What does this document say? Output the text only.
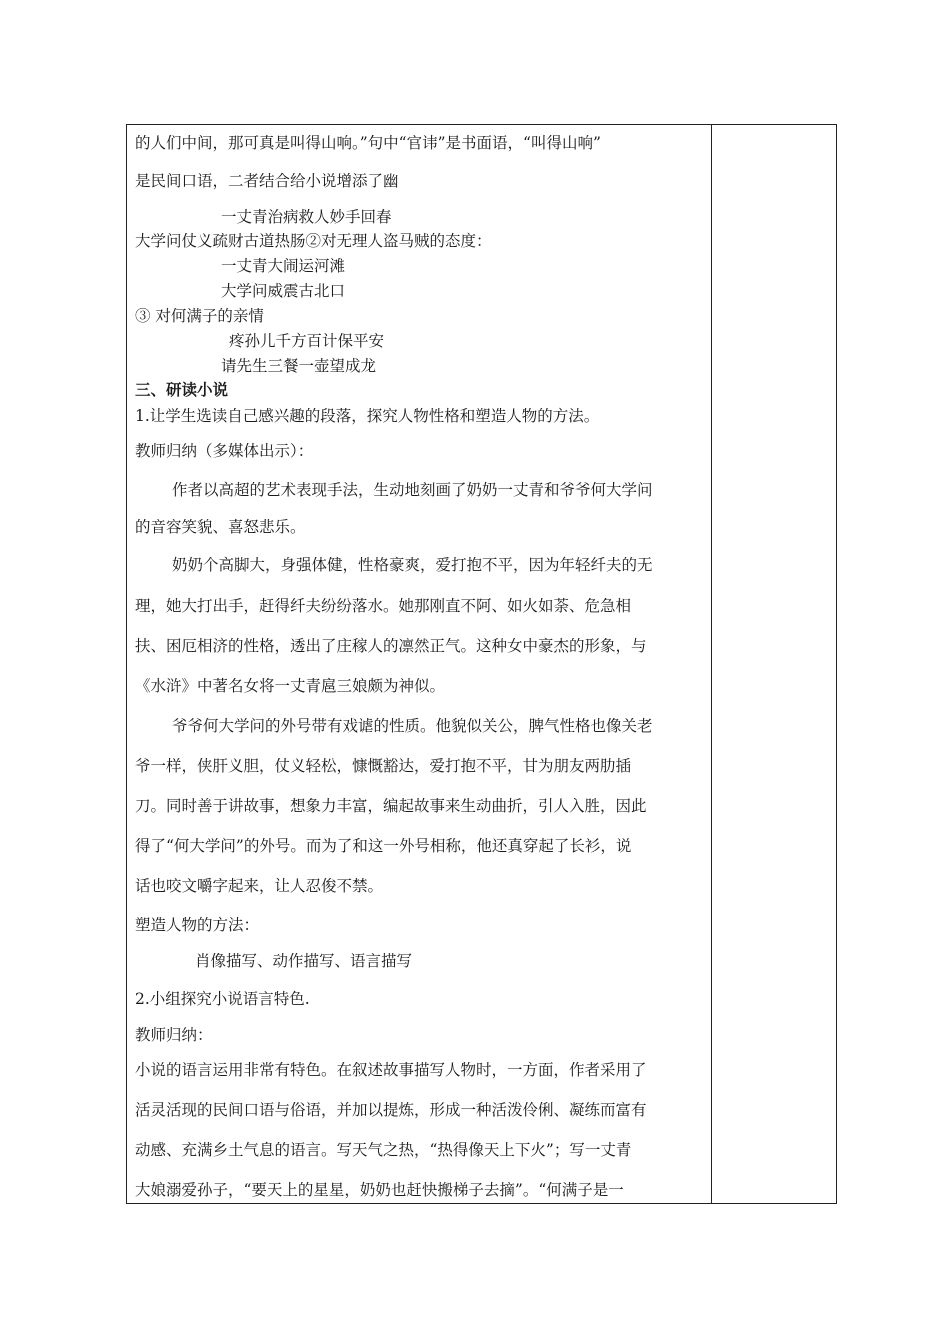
的人们中间，那可真是叫得山响。”句中“官讳”是书面语，“叫得山响”
是民间口语，二者结合给小说增添了幽
一丈青治病救人妙手回春
大学问仗义疏财古道热肠②对无理人盗马贼的态度：
一丈青大闹运河滩
大学问威震古北口
③ 对何满子的亲情
疼孙儿千方百计保平安
请先生三餐一壶望成龙
三、研读小说
1.让学生选读自己感兴趣的段落，探究人物性格和塑造人物的方法。
教师归纳（多媒体出示）：
作者以高超的艺术表现手法，生动地刻画了奶奶一丈青和爷爷何大学问
的音容笑貌、喜怒悲乐。
奶奶个高脚大，身强体健，性格豪爽，爱打抱不平，因为年轻纤夫的无
理，她大打出手，赶得纤夫纷纷落水。她那刚直不阿、如火如荼、危急相
扶、困厄相济的性格，透出了庄稼人的凛然正气。这种女中豪杰的形象，与
《水浒》中著名女将一丈青扈三娘颇为神似。
爷爷何大学问的外号带有戏谑的性质。他貌似关公，脾气性格也像关老
爷一样，侠肝义胆，仗义轻松，慷慨豁达，爱打抱不平，甘为朋友两肋插
刀。同时善于讲故事，想象力丰富，编起故事来生动曲折，引人入胜，因此
得了“何大学问”的外号。而为了和这一外号相称，他还真穿起了长衫，说
话也咬文嚼字起来，让人忍俊不禁。
塑造人物的方法：
肖像描写、动作描写、语言描写
2.小组探究小说语言特色.
教师归纳：
小说的语言运用非常有特色。在叙述故事描写人物时，一方面，作者采用了
活灵活现的民间口语与俗语，并加以提炼，形成一种活泼伶俐、凝练而富有
动感、充满乡土气息的语言。写天气之热，“热得像天上下火”；写一丈青
大娘溺爱孙子，“要天上的星星，奶奶也赶快搬梯子去摘”。“何满子是一
